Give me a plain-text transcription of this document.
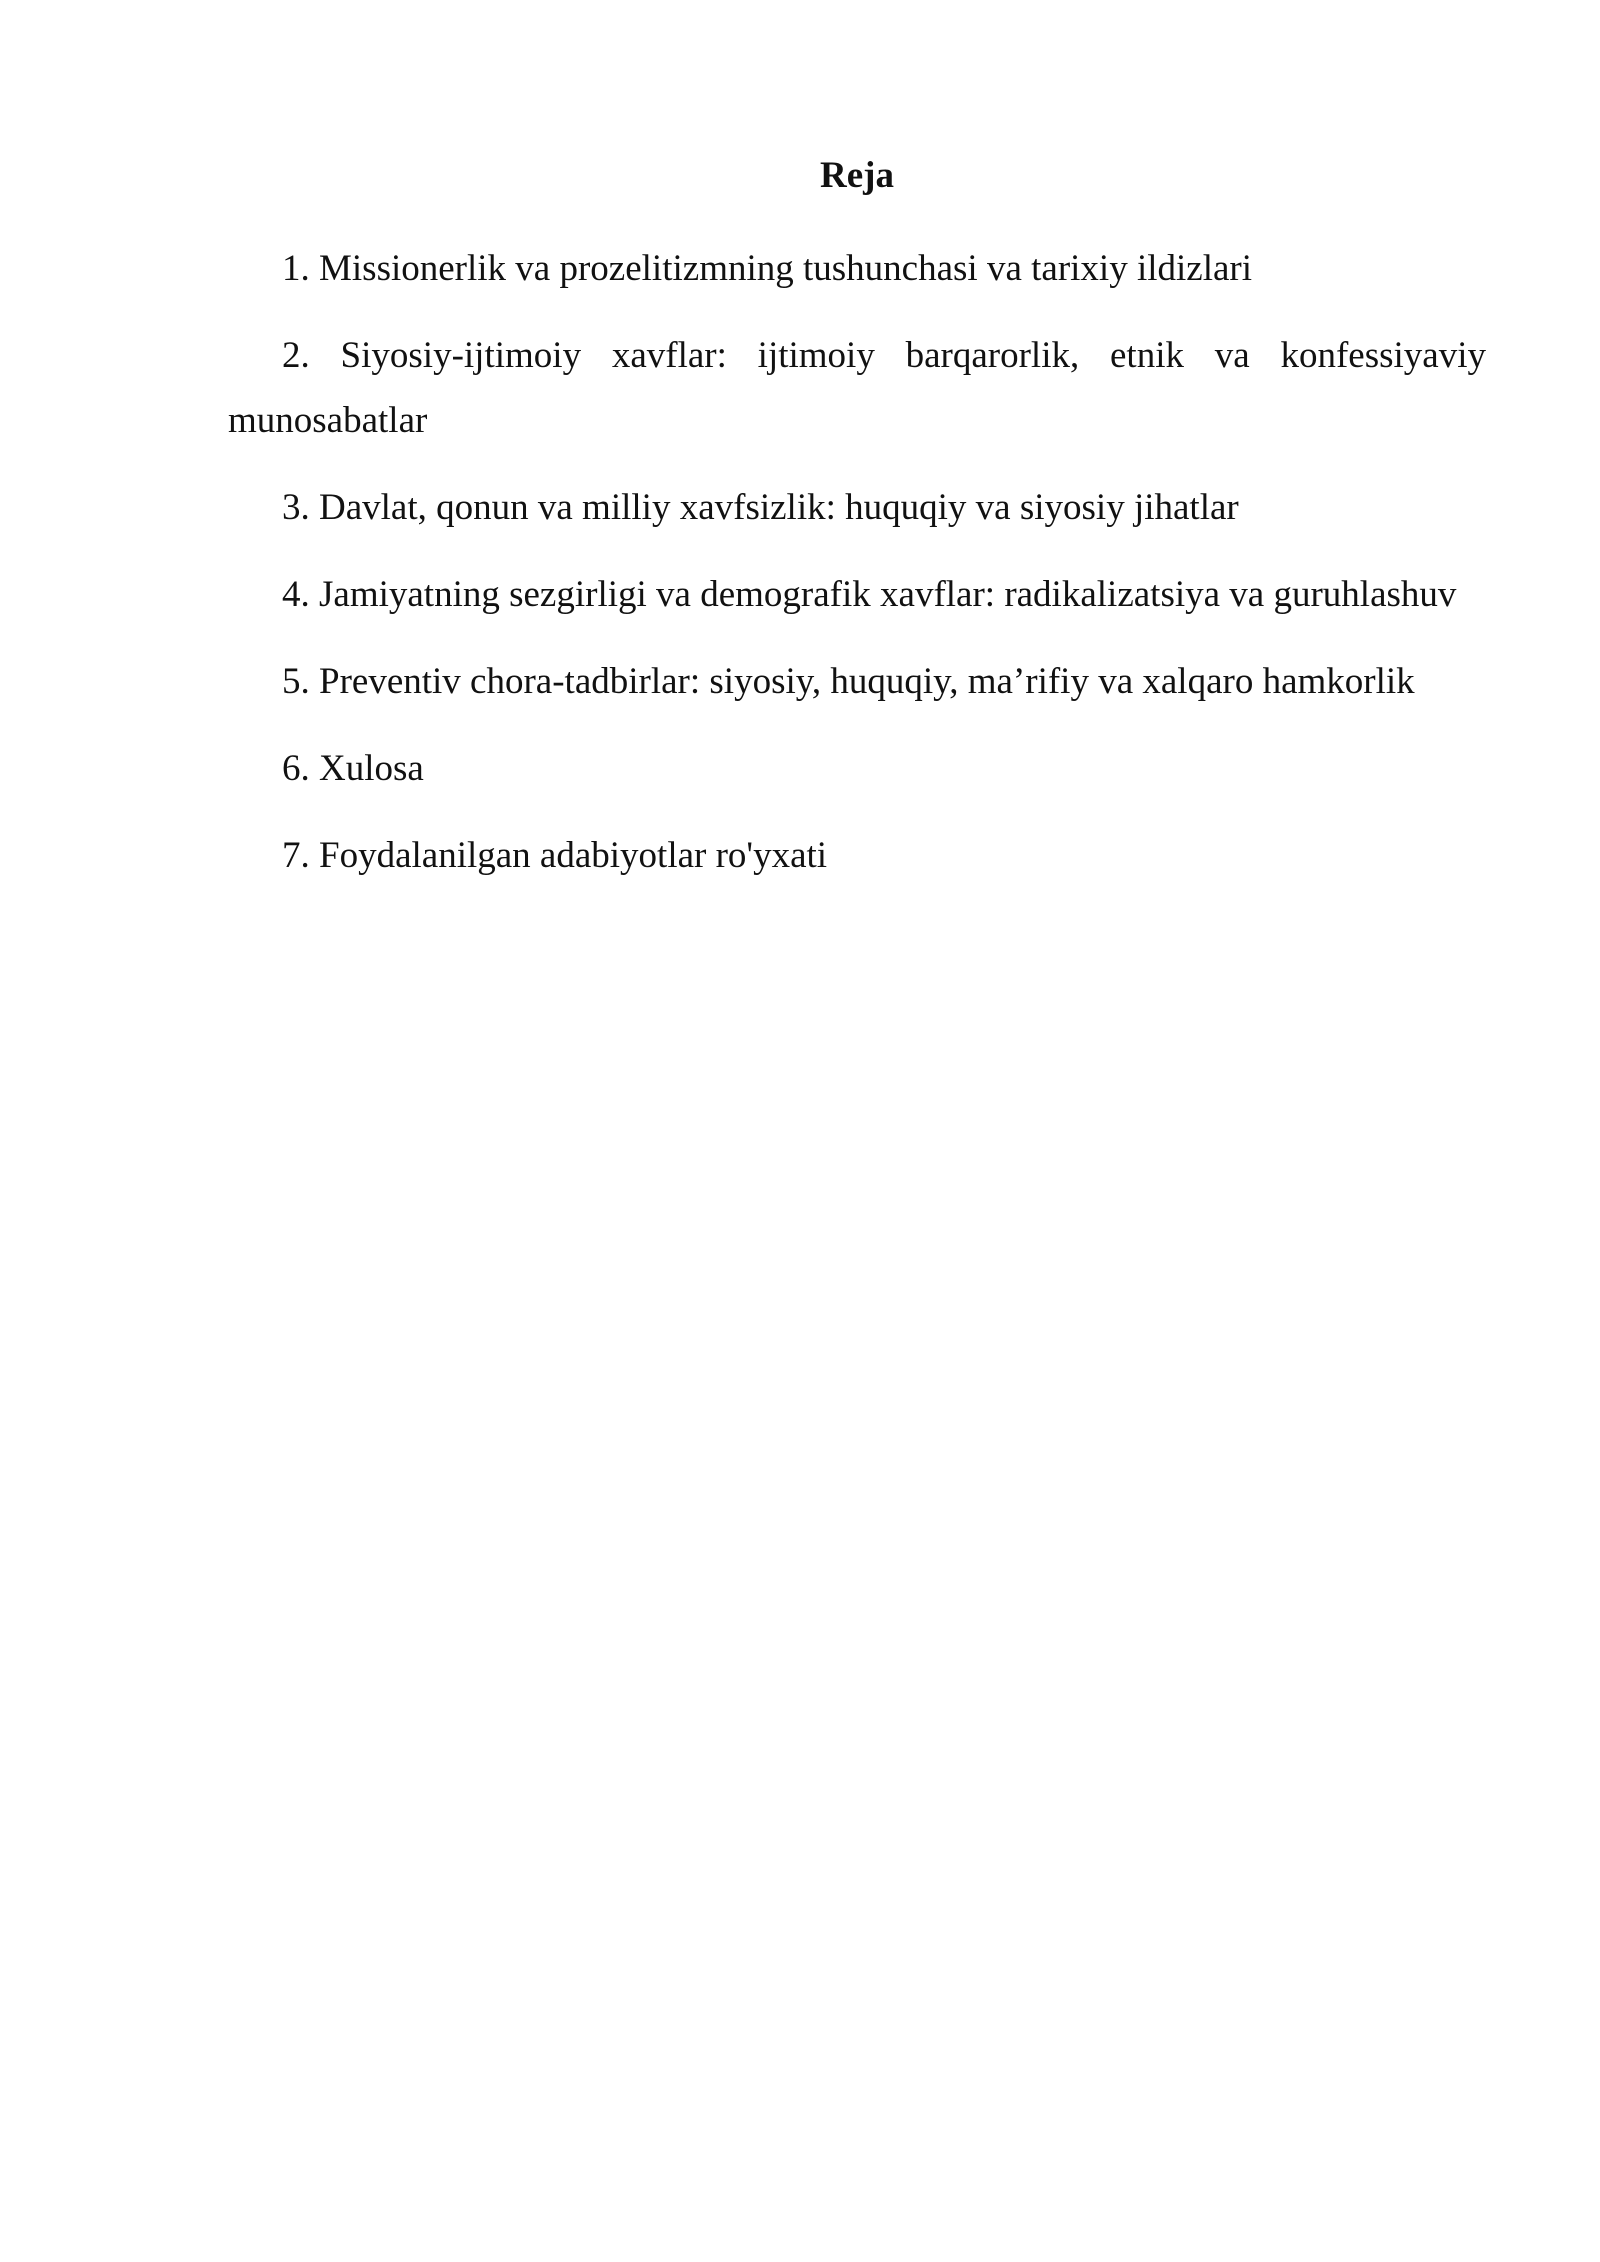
Reja
1. Missionerlik va prozelitizmning tushunchasi va tarixiy ildizlari
2. Siyosiy-ijtimoiy xavflar: ijtimoiy barqarorlik, etnik va konfessiyaviy munosabatlar
3. Davlat, qonun va milliy xavfsizlik: huquqiy va siyosiy jihatlar
4. Jamiyatning sezgirligi va demografik xavflar: radikalizatsiya va guruhlashuv
5. Preventiv chora-tadbirlar: siyosiy, huquqiy, ma’rifiy va xalqaro hamkorlik
6. Xulosa
7. Foydalanilgan adabiyotlar ro'yxati
